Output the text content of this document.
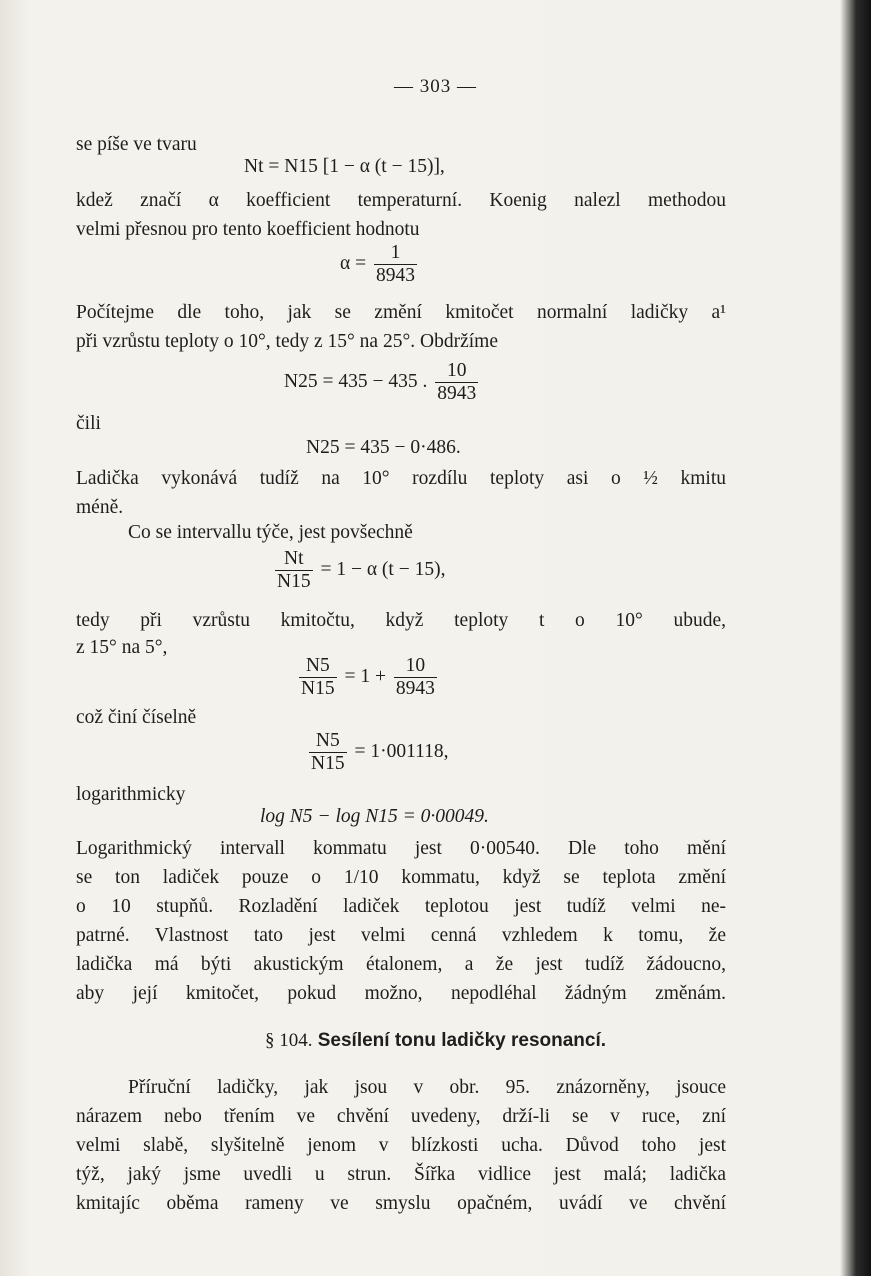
— 303 —
se píše ve tvaru
Nt = N15 [1 − α (t − 15)],
kdež značí α koefficient temperaturní. Koenig nalezl methodou
velmi přesnou pro tento koefficient hodnotu
$\alpha = \frac{1}{8943}$
Počítejme dle toho, jak se změní kmitočet normalní ladičky a¹
při vzrůstu teploty o 10°, tedy z 15° na 25°. Obdržíme
N25 = 435 − 435 . $\frac{10}{8943}$
čili
N25 = 435 − 0·486.
Ladička vykonává tudíž na 10° rozdílu teploty asi o ½ kmitu
méně.
Co se intervallu týče, jest povšechně
$\frac{Nt}{N15} = 1 - \alpha$ (t − 15),
tedy při vzrůstu kmitočtu, když teploty t o 10° ubude,
z 15° na 5°,
$\frac{N5}{N15} = 1 + \frac{10}{8943}$
což činí číselně
$\frac{N5}{N15} = 1\cdot 001118$,
logarithmicky
log N5 − log N15 = 0·00049.
Logarithmický intervall kommatu jest 0·00540. Dle toho mění
se ton ladiček pouze o 1/10 kommatu, když se teplota změní
o 10 stupňů. Rozladění ladiček teplotou jest tudíž velmi ne-
patrné. Vlastnost tato jest velmi cenná vzhledem k tomu, že
ladička má býti akustickým étalonem, a že jest tudíž žádoucno,
aby její kmitočet, pokud možno, nepodléhal žádným změnám.
§ 104. Sesílení tonu ladičky resonancí.
Příruční ladičky, jak jsou v obr. 95. znázorněny, jsouce
nárazem nebo třením ve chvění uvedeny, drží-li se v ruce, zní
velmi slabě, slyšitelně jenom v blízkosti ucha. Důvod toho jest
týž, jaký jsme uvedli u strun. Šířka vidlice jest malá; ladička
kmitajíc oběma rameny ve smyslu opačném, uvádí ve chvění
